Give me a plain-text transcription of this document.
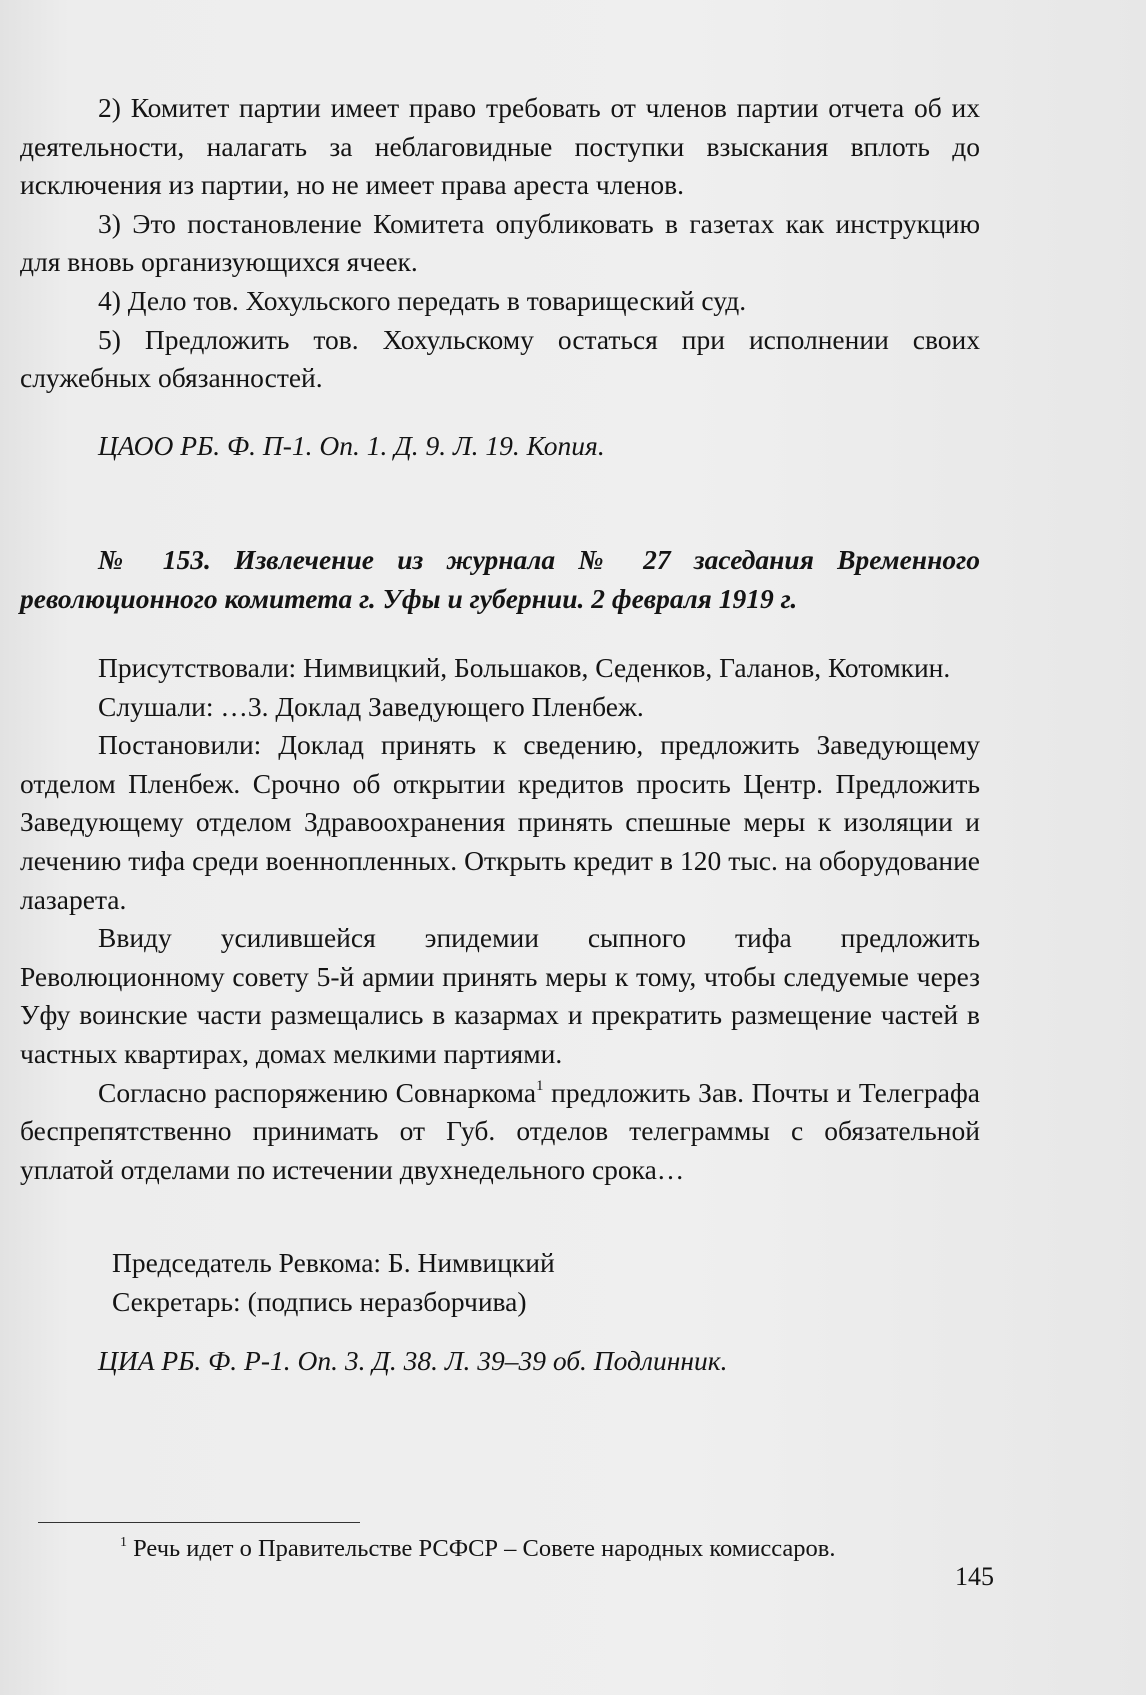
2) Комитет партии имеет право требовать от членов партии отчета об их деятельности, налагать за неблаговидные поступки взыскания вплоть до исключения из партии, но не имеет права ареста членов.

3) Это постановление Комитета опубликовать в газетах как инструкцию для вновь организующихся ячеек.

4) Дело тов. Хохульского передать в товарищеский суд.

5) Предложить тов. Хохульскому остаться при исполнении своих служебных обязанностей.

ЦАОО РБ. Ф. П-1. Оп. 1. Д. 9. Л. 19. Копия.

№ 153. Извлечение из журнала № 27 заседания Временного революционного комитета г. Уфы и губернии. 2 февраля 1919 г.

Присутствовали: Нимвицкий, Большаков, Седенков, Галанов, Котомкин.

Слушали: …3. Доклад Заведующего Пленбеж.

Постановили: Доклад принять к сведению, предложить Заведующему отделом Пленбеж. Срочно об открытии кредитов просить Центр. Предложить Заведующему отделом Здравоохранения принять спешные меры к изоляции и лечению тифа среди военнопленных. Открыть кредит в 120 тыс. на оборудование лазарета.

Ввиду усилившейся эпидемии сыпного тифа предложить Революционному совету 5-й армии принять меры к тому, чтобы следуемые через Уфу воинские части размещались в казармах и прекратить размещение частей в частных квартирах, домах мелкими партиями.

Согласно распоряжению Совнаркома$^1$ предложить Зав. Почты и Телеграфа беспрепятственно принимать от Губ. отделов телеграммы с обязательной уплатой отделами по истечении двухнедельного срока…

Председатель Ревкома: Б. Нимвицкий

Секретарь: (подпись неразборчива)

ЦИА РБ. Ф. Р-1. Оп. 3. Д. 38. Л. 39–39 об. Подлинник.

$^1$ Речь идет о Правительстве РСФСР – Совете народных комиссаров.
145
